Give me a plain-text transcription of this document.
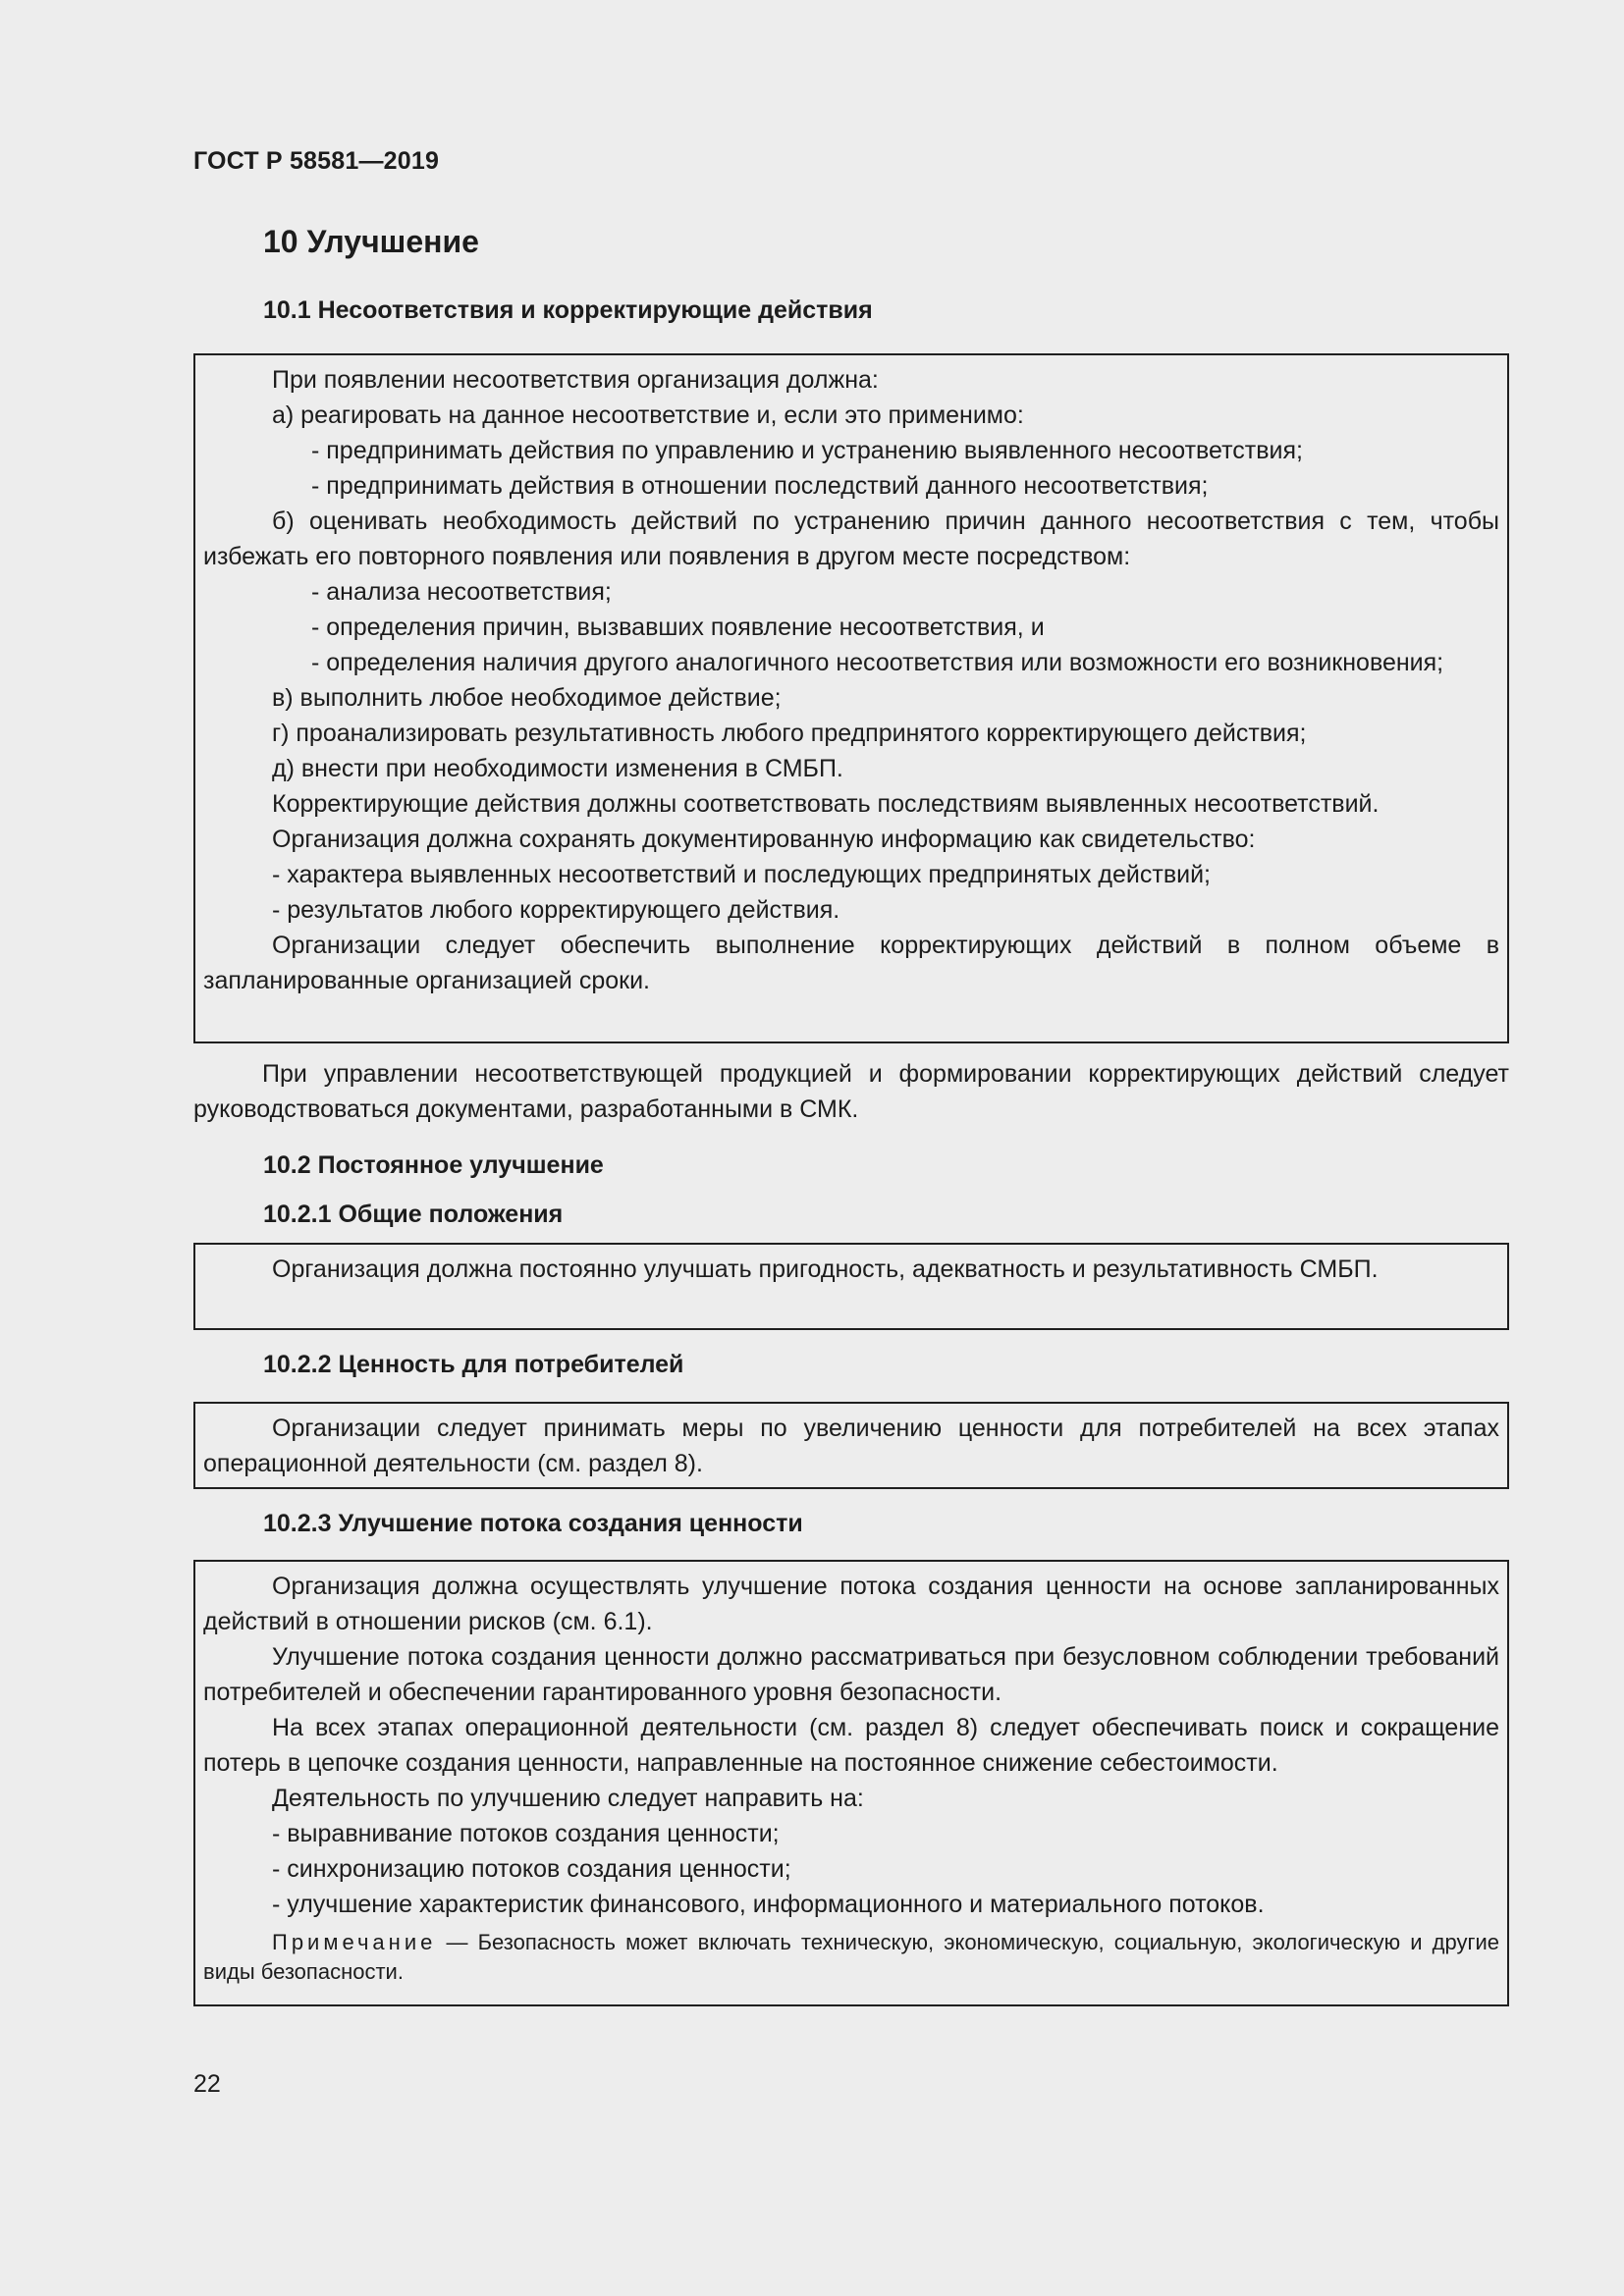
ГОСТ Р 58581—2019
10 Улучшение
10.1 Несоответствия и корректирующие действия

При появлении несоответствия организация должна:

а) реагировать на данное несоответствие и, если это применимо:

- предпринимать действия по управлению и устранению выявленного несоответствия;

- предпринимать действия в отношении последствий данного несоответствия;

б) оценивать необходимость действий по устранению причин данного несоответствия с тем, чтобы избежать его повторного появления или появления в другом месте посредством:

- анализа несоответствия;

- определения причин, вызвавших появление несоответствия, и

- определения наличия другого аналогичного несоответствия или возможности его возникновения;

в) выполнить любое необходимое действие;

г) проанализировать результативность любого предпринятого корректирующего действия;

д) внести при необходимости изменения в СМБП.

Корректирующие действия должны соответствовать последствиям выявленных несоответствий.

Организация должна сохранять документированную информацию как свидетельство:

- характера выявленных несоответствий и последующих предпринятых действий;

- результатов любого корректирующего действия.

Организации следует обеспечить выполнение корректирующих действий в полном объеме в запланированные организацией сроки.

При управлении несоответствующей продукцией и формировании корректирующих действий следует руководствоваться документами, разработанными в СМК.

10.2 Постоянное улучшение
10.2.1 Общие положения

Организация должна постоянно улучшать пригодность, адекватность и результативность СМБП.

10.2.2 Ценность для потребителей

Организации следует принимать меры по увеличению ценности для потребителей на всех этапах операционной деятельности (см. раздел 8).

10.2.3 Улучшение потока создания ценности

Организация должна осуществлять улучшение потока создания ценности на основе запланированных действий в отношении рисков (см. 6.1).

Улучшение потока создания ценности должно рассматриваться при безусловном соблюдении требований потребителей и обеспечении гарантированного уровня безопасности.

На всех этапах операционной деятельности (см. раздел 8) следует обеспечивать поиск и сокращение потерь в цепочке создания ценности, направленные на постоянное снижение себестоимости.

Деятельность по улучшению следует направить на:

- выравнивание потоков создания ценности;

- синхронизацию потоков создания ценности;

- улучшение характеристик финансового, информационного и материального потоков.

Примечание — Безопасность может включать техническую, экономическую, социальную, экологическую и другие виды безопасности.

22
